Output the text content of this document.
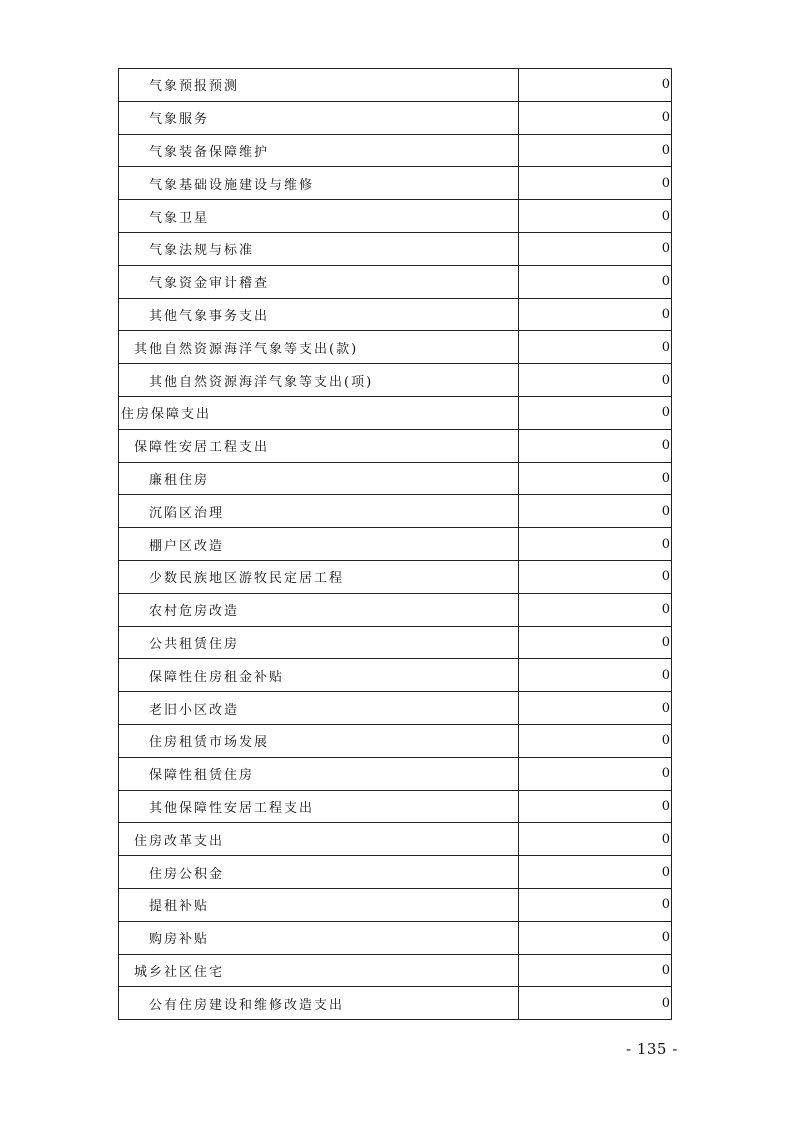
气象预报预测	0
气象服务	0
气象装备保障维护	0
气象基础设施建设与维修	0
气象卫星	0
气象法规与标准	0
气象资金审计稽查	0
其他气象事务支出	0
其他自然资源海洋气象等支出(款)	0
其他自然资源海洋气象等支出(项)	0
住房保障支出	0
保障性安居工程支出	0
廉租住房	0
沉陷区治理	0
棚户区改造	0
少数民族地区游牧民定居工程	0
农村危房改造	0
公共租赁住房	0
保障性住房租金补贴	0
老旧小区改造	0
住房租赁市场发展	0
保障性租赁住房	0
其他保障性安居工程支出	0
住房改革支出	0
住房公积金	0
提租补贴	0
购房补贴	0
城乡社区住宅	0
公有住房建设和维修改造支出	0
- 135 -
